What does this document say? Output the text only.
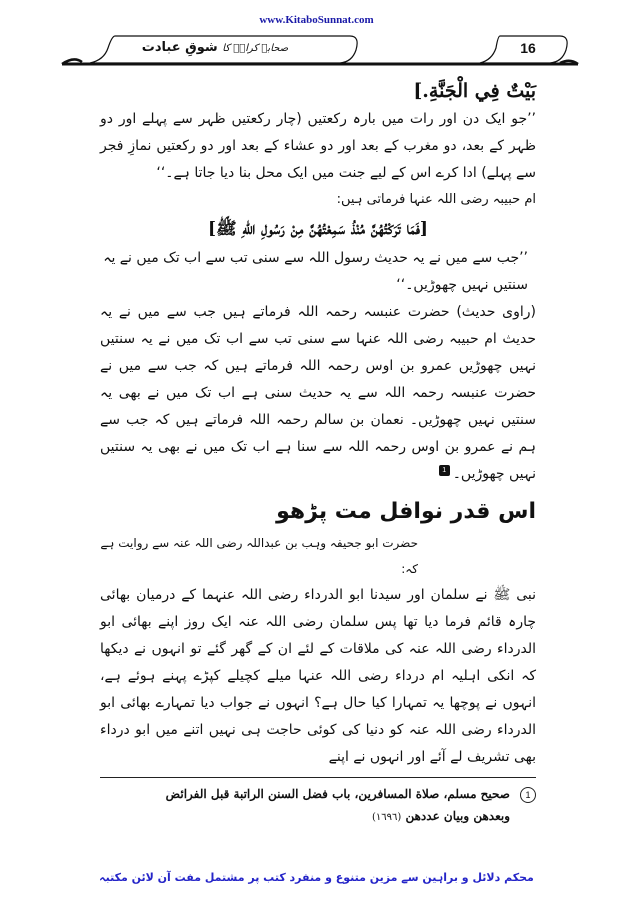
www.KitaboSunnat.com
صحابہ کرامؓ کا شوقِ عبادت	16

بَيْتٌ فِي الْجَنَّةِ.]

’’جو ایک دن اور رات میں بارہ رکعتیں (چار رکعتیں ظہر سے پہلے اور دو ظہر کے بعد، دو مغرب کے بعد اور دو عشاء کے بعد اور دو رکعتیں نمازِ فجر سے پہلے) ادا کرے اس کے لیے جنت میں ایک محل بنا دیا جاتا ہے۔‘‘

ام حبیبہ رضی اللہ عنہا فرماتی ہیں:

[فَمَا تَرَكْتُهُنَّ مُنْذُ سَمِعْتُهُنَّ مِنْ رَسُولِ اللّٰهِ ﷺ]

’’جب سے میں نے یہ حدیث رسول اللہ سے سنی تب سے اب تک میں نے یہ سنتیں نہیں چھوڑیں۔‘‘

(راوی حدیث) حضرت عنبسہ رحمہ اللہ فرماتے ہیں جب سے میں نے یہ حدیث ام حبیبہ رضی اللہ عنہا سے سنی تب سے اب تک میں نے یہ سنتیں نہیں چھوڑیں عمرو بن اوس رحمہ اللہ فرماتے ہیں کہ جب سے میں نے حضرت عنبسہ رحمہ اللہ سے یہ حدیث سنی ہے اب تک میں نے بھی یہ سنتیں نہیں چھوڑیں۔ نعمان بن سالم رحمہ اللہ فرماتے ہیں کہ جب سے ہم نے عمرو بن اوس رحمہ اللہ سے سنا ہے اب تک میں نے بھی یہ سنتیں نہیں چھوڑیں۔1

اس قدر نوافل مت پڑھو

حضرت ابو جحیفہ وہب بن عبداللہ رضی اللہ عنہ سے روایت ہے کہ:

نبی ﷺ نے سلمان اور سیدنا ابو الدرداء رضی اللہ عنہما کے درمیان بھائی چارہ قائم فرما دیا تھا پس سلمان رضی اللہ عنہ ایک روز اپنے بھائی ابو الدرداء رضی اللہ عنہ کی ملاقات کے لئے ان کے گھر گئے تو انہوں نے دیکھا کہ انکی اہلیہ ام درداء رضی اللہ عنہا میلے کچیلے کپڑے پہنے ہوئے ہے، انہوں نے پوچھا یہ تمہارا کیا حال ہے؟ انہوں نے جواب دیا تمہارے بھائی ابو الدرداء رضی اللہ عنہ کو دنیا کی کوئی حاجت ہی نہیں اتنے میں ابو درداء بھی تشریف لے آئے اور انہوں نے اپنے

1صحيح مسلم، صلاة المسافرين، باب فضل السنن الراتبة قبل الفرائض
وبعدهن وبيان عددهن (١٦٩٦)
محکم دلائل و براہین سے مزین متنوع و منفرد کتب پر مشتمل مفت آن لائن مکتبہ
